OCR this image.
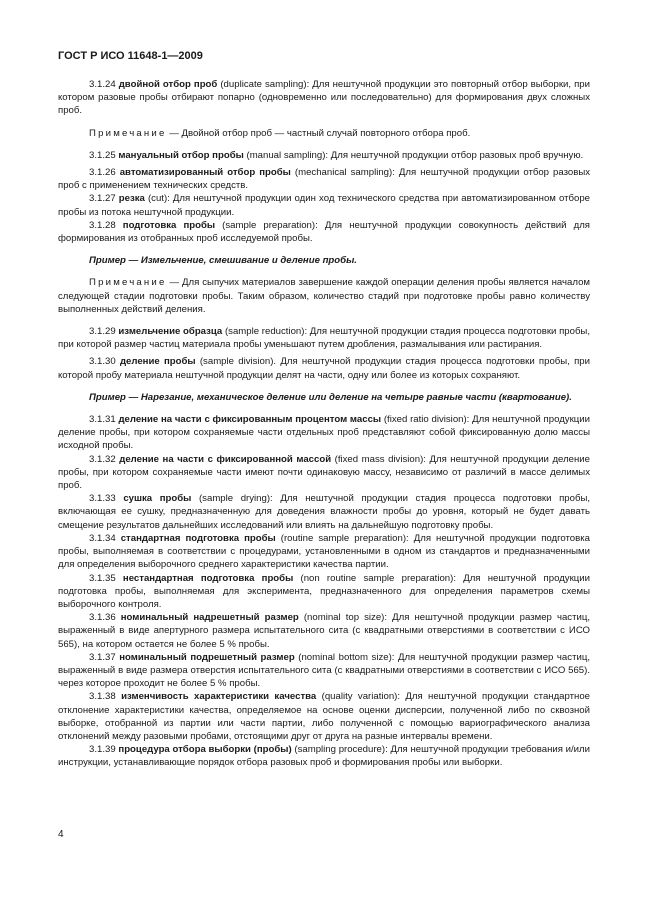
ГОСТ Р ИСО 11648-1—2009

3.1.24 двойной отбор проб (duplicate sampling): Для нештучной продукции это повторный отбор выборки, при котором разовые пробы отбирают попарно (одновременно или последовательно) для формирования двух сложных проб.

Примечание — Двойной отбор проб — частный случай повторного отбора проб.

3.1.25 мануальный отбор пробы (manual sampling): Для нештучной продукции отбор разовых проб вручную.

3.1.26 автоматизированный отбор пробы (mechanical sampling): Для нештучной продукции отбор разовых проб с применением технических средств.

3.1.27 резка (cut): Для нештучной продукции один ход технического средства при автоматизированном отборе пробы из потока нештучной продукции.

3.1.28 подготовка пробы (sample preparation): Для нештучной продукции совокупность действий для формирования из отобранных проб исследуемой пробы.

Пример — Измельчение, смешивание и деление пробы.

Примечание — Для сыпучих материалов завершение каждой операции деления пробы является началом следующей стадии подготовки пробы. Таким образом, количество стадий при подготовке пробы равно количеству выполненных действий деления.

3.1.29 измельчение образца (sample reduction): Для нештучной продукции стадия процесса подготовки пробы, при которой размер частиц материала пробы уменьшают путем дробления, размалывания или растирания.

3.1.30 деление пробы (sample division). Для нештучной продукции стадия процесса подготовки пробы, при которой пробу материала нештучной продукции делят на части, одну или более из которых сохраняют.

Пример — Нарезание, механическое деление или деление на четыре равные части (квартование).

3.1.31 деление на части с фиксированным процентом массы (fixed ratio division): Для нештучной продукции деление пробы, при котором сохраняемые части отдельных проб представляют собой фиксированную долю массы исходной пробы.

3.1.32 деление на части с фиксированной массой (fixed mass division): Для нештучной продукции деление пробы, при котором сохраняемые части имеют почти одинаковую массу, независимо от различий в массе делимых проб.

3.1.33 сушка пробы (sample drying): Для нештучной продукции стадия процесса подготовки пробы, включающая ее сушку, предназначенную для доведения влажности пробы до уровня, который не будет давать смещение результатов дальнейших исследований или влиять на дальнейшую подготовку пробы.

3.1.34 стандартная подготовка пробы (routine sample preparation): Для нештучной продукции подготовка пробы, выполняемая в соответствии с процедурами, установленными в одном из стандартов и предназначенными для определения выборочного среднего характеристики качества партии.

3.1.35 нестандартная подготовка пробы (non routine sample preparation): Для нештучной продукции подготовка пробы, выполняемая для эксперимента, предназначенного для определения параметров схемы выборочного контроля.

3.1.36 номинальный надрешетный размер (nominal top size): Для нештучной продукции размер частиц, выраженный в виде апертурного размера испытательного сита (с квадратными отверстиями в соответствии с ИСО 565), на котором остается не более 5 % пробы.

3.1.37 номинальный подрешетный размер (nominal bottom size): Для нештучной продукции размер частиц, выраженный в виде размера отверстия испытательного сита (с квадратными отверстиями в соответствии с ИСО 565). через которое проходит не более 5 % пробы.

3.1.38 изменчивость характеристики качества (quality variation): Для нештучной продукции стандартное отклонение характеристики качества, определяемое на основе оценки дисперсии, полученной либо по сквозной выборке, отобранной из партии или части партии, либо полученной с помощью вариографического анализа отклонений между разовыми пробами, отстоящими друг от друга на разные интервалы времени.

3.1.39 процедура отбора выборки (пробы) (sampling procedure): Для нештучной продукции требования и/или инструкции, устанавливающие порядок отбора разовых проб и формирования пробы или выборки.

4
